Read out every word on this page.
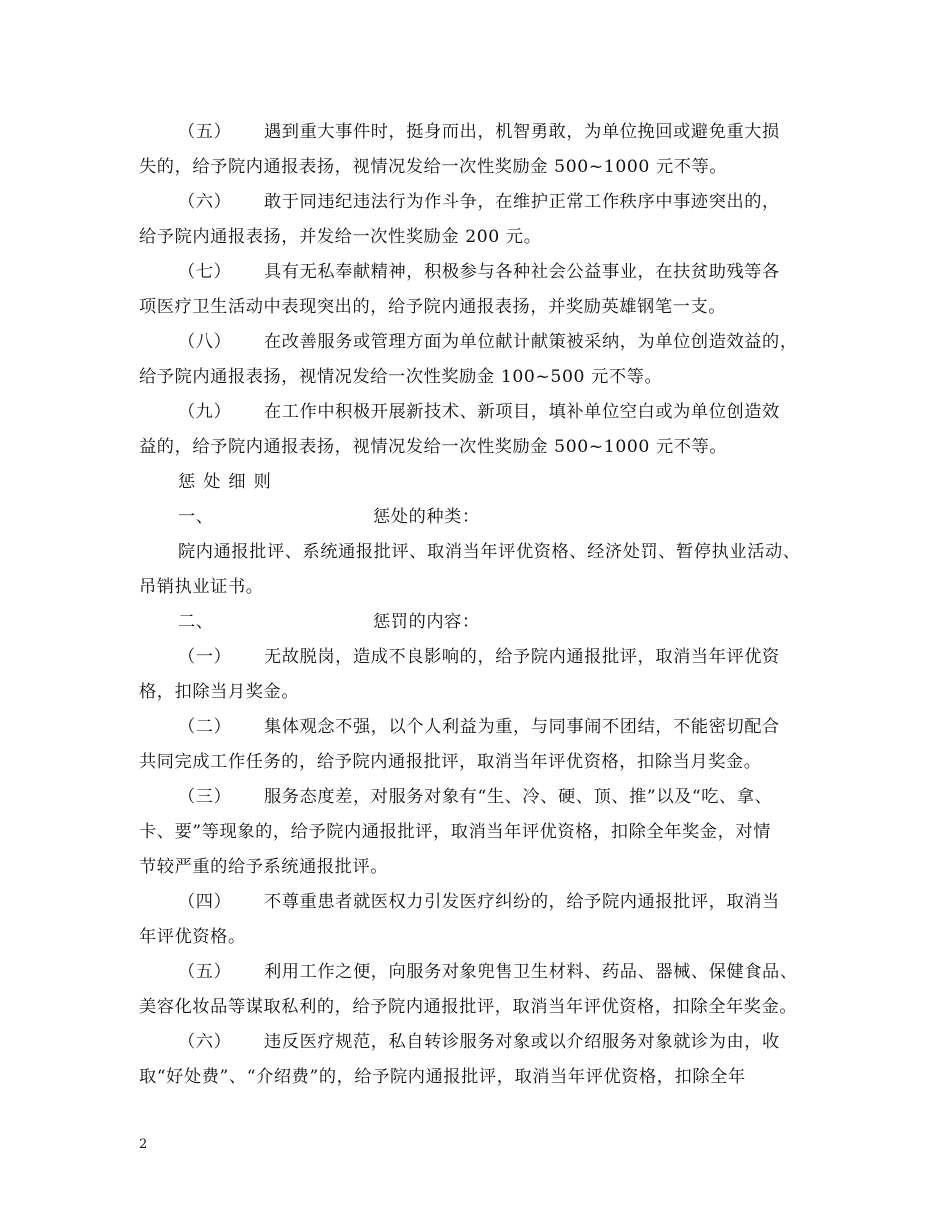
（五） 遇到重大事件时，挺身而出，机智勇敢，为单位挽回或避免重大损
失的，给予院内通报表扬，视情况发给一次性奖励金 500~1000 元不等。
（六） 敢于同违纪违法行为作斗争，在维护正常工作秩序中事迹突出的，
给予院内通报表扬，并发给一次性奖励金 200 元。
（七） 具有无私奉献精神，积极参与各种社会公益事业，在扶贫助残等各
项医疗卫生活动中表现突出的，给予院内通报表扬，并奖励英雄钢笔一支。
（八） 在改善服务或管理方面为单位献计献策被采纳，为单位创造效益的，
给予院内通报表扬，视情况发给一次性奖励金 100~500 元不等。
（九） 在工作中积极开展新技术、新项目，填补单位空白或为单位创造效
益的，给予院内通报表扬，视情况发给一次性奖励金 500~1000 元不等。
惩处细则
一、	惩处的种类：
院内通报批评、系统通报批评、取消当年评优资格、经济处罚、暂停执业活动、
吊销执业证书。
二、	惩罚的内容：
（一） 无故脱岗，造成不良影响的，给予院内通报批评，取消当年评优资
格，扣除当月奖金。
（二） 集体观念不强，以个人利益为重，与同事闹不团结，不能密切配合
共同完成工作任务的，给予院内通报批评，取消当年评优资格，扣除当月奖金。
（三） 服务态度差，对服务对象有“生、冷、硬、顶、推”以及“吃、拿、
卡、要”等现象的，给予院内通报批评，取消当年评优资格，扣除全年奖金，对情
节较严重的给予系统通报批评。
（四） 不尊重患者就医权力引发医疗纠纷的，给予院内通报批评，取消当
年评优资格。
（五） 利用工作之便，向服务对象兜售卫生材料、药品、器械、保健食品、
美容化妆品等谋取私利的，给予院内通报批评，取消当年评优资格，扣除全年奖金。
（六） 违反医疗规范，私自转诊服务对象或以介绍服务对象就诊为由，收
取“好处费”、“介绍费”的，给予院内通报批评，取消当年评优资格，扣除全年
2
